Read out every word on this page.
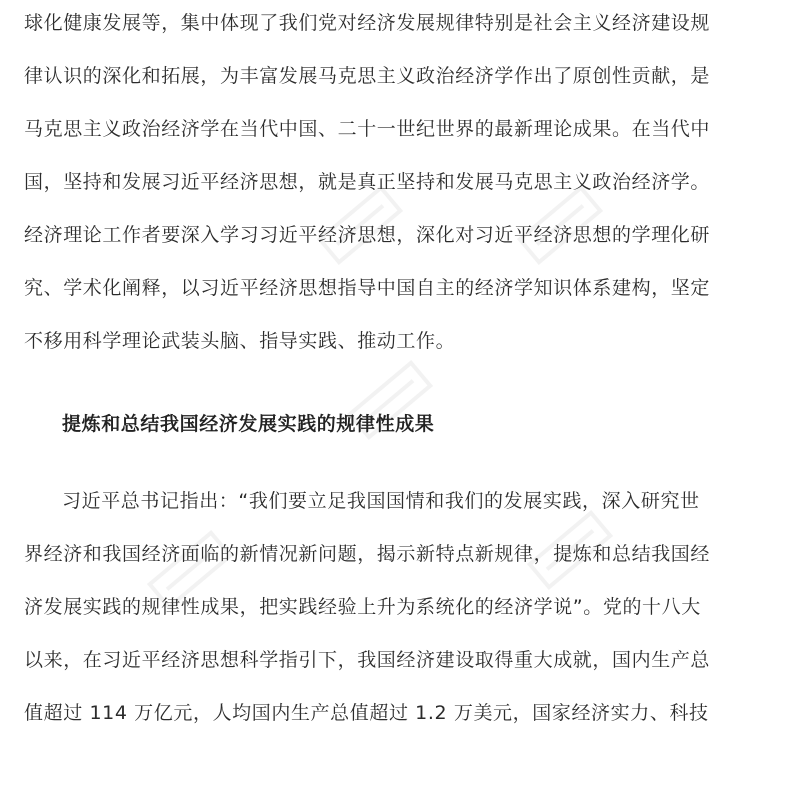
球化健康发展等，集中体现了我们党对经济发展规律特别是社会主义经济建设规
律认识的深化和拓展，为丰富发展马克思主义政治经济学作出了原创性贡献，是
马克思主义政治经济学在当代中国、二十一世纪世界的最新理论成果。在当代中
国，坚持和发展习近平经济思想，就是真正坚持和发展马克思主义政治经济学。
经济理论工作者要深入学习习近平经济思想，深化对习近平经济思想的学理化研
究、学术化阐释，以习近平经济思想指导中国自主的经济学知识体系建构，坚定
不移用科学理论武装头脑、指导实践、推动工作。
提炼和总结我国经济发展实践的规律性成果
习近平总书记指出：“我们要立足我国国情和我们的发展实践，深入研究世
界经济和我国经济面临的新情况新问题，揭示新特点新规律，提炼和总结我国经
济发展实践的规律性成果，把实践经验上升为系统化的经济学说”。党的十八大
以来，在习近平经济思想科学指引下，我国经济建设取得重大成就，国内生产总
值超过 114 万亿元，人均国内生产总值超过 1.2 万美元，国家经济实力、科技
